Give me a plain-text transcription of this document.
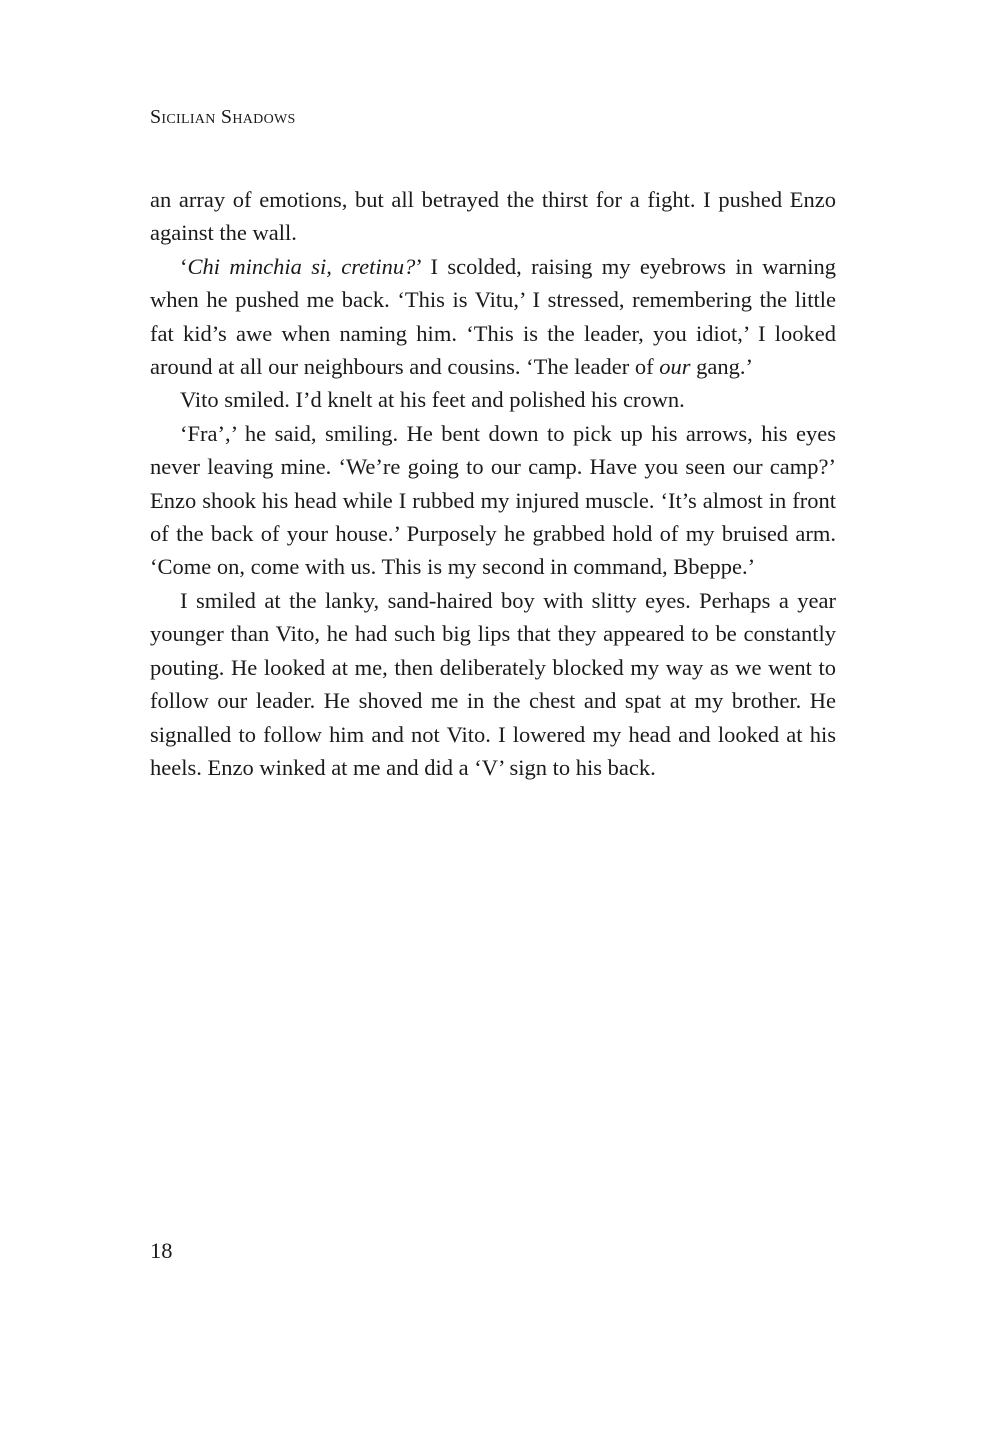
Sicilian Shadows

an array of emotions, but all betrayed the thirst for a fight. I pushed Enzo against the wall.

‘Chi minchia si, cretinu?’ I scolded, raising my eyebrows in warning when he pushed me back. ‘This is Vitu,’ I stressed, remembering the little fat kid’s awe when naming him. ‘This is the leader, you idiot,’ I looked around at all our neighbours and cousins. ‘The leader of our gang.’

Vito smiled. I’d knelt at his feet and polished his crown.

‘Fra’,’ he said, smiling. He bent down to pick up his arrows, his eyes never leaving mine. ‘We’re going to our camp. Have you seen our camp?’ Enzo shook his head while I rubbed my injured muscle. ‘It’s almost in front of the back of your house.’ Purposely he grabbed hold of my bruised arm. ‘Come on, come with us. This is my second in command, Bbeppe.’

I smiled at the lanky, sand-haired boy with slitty eyes. Perhaps a year younger than Vito, he had such big lips that they appeared to be constantly pouting. He looked at me, then deliberately blocked my way as we went to follow our leader. He shoved me in the chest and spat at my brother. He signalled to follow him and not Vito. I lowered my head and looked at his heels. Enzo winked at me and did a ‘V’ sign to his back.

18
